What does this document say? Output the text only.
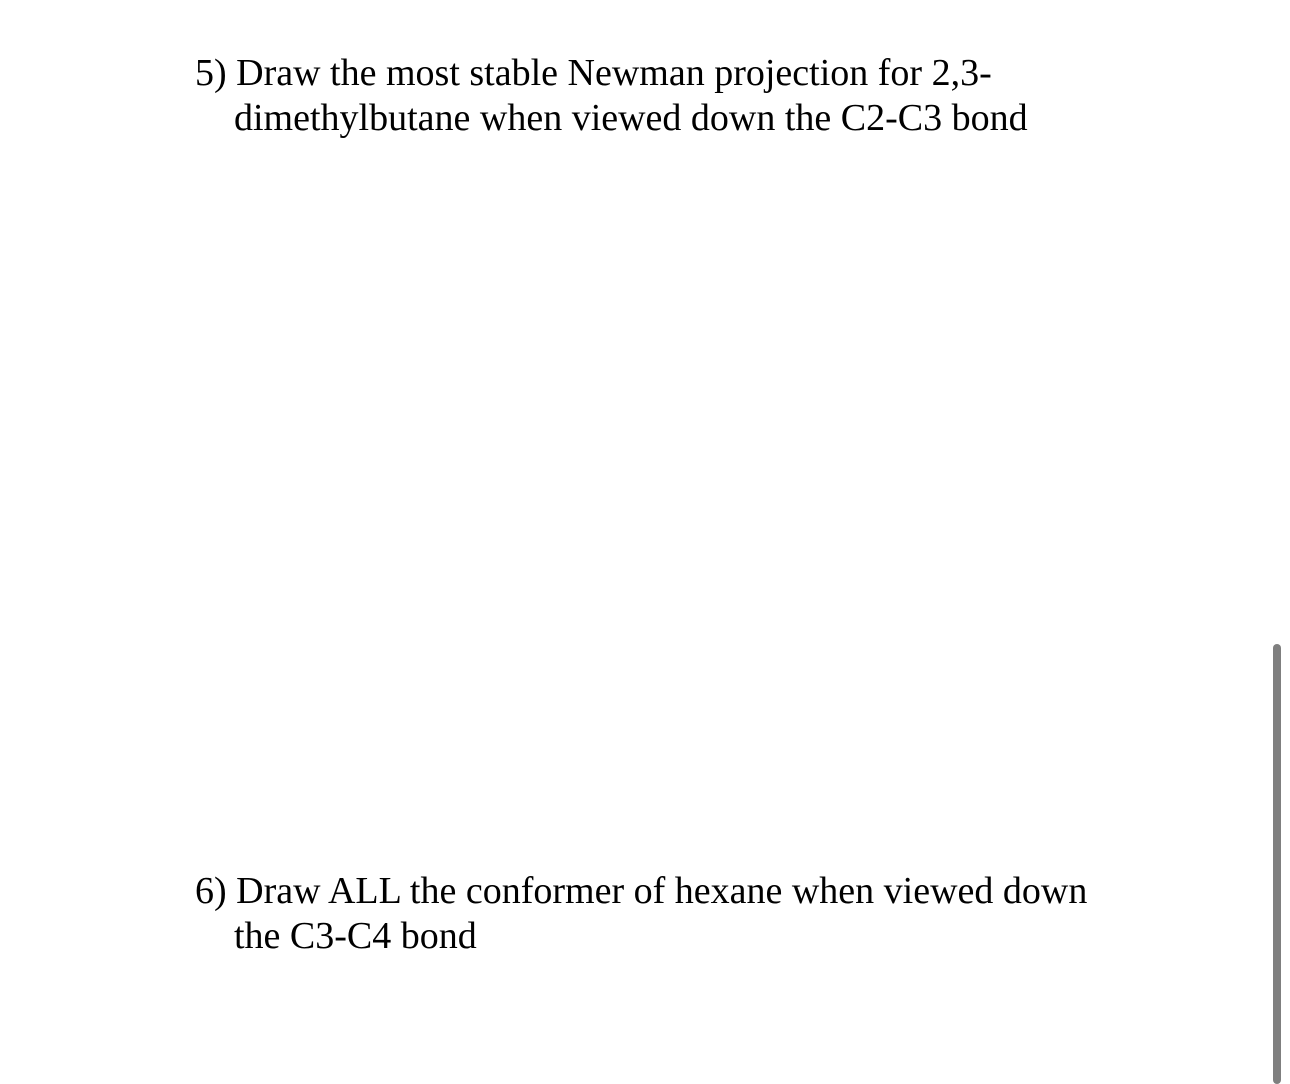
5) Draw the most stable Newman projection for 2,3-
dimethylbutane when viewed down the C2-C3 bond
6) Draw ALL the conformer of hexane when viewed down
the C3-C4 bond
